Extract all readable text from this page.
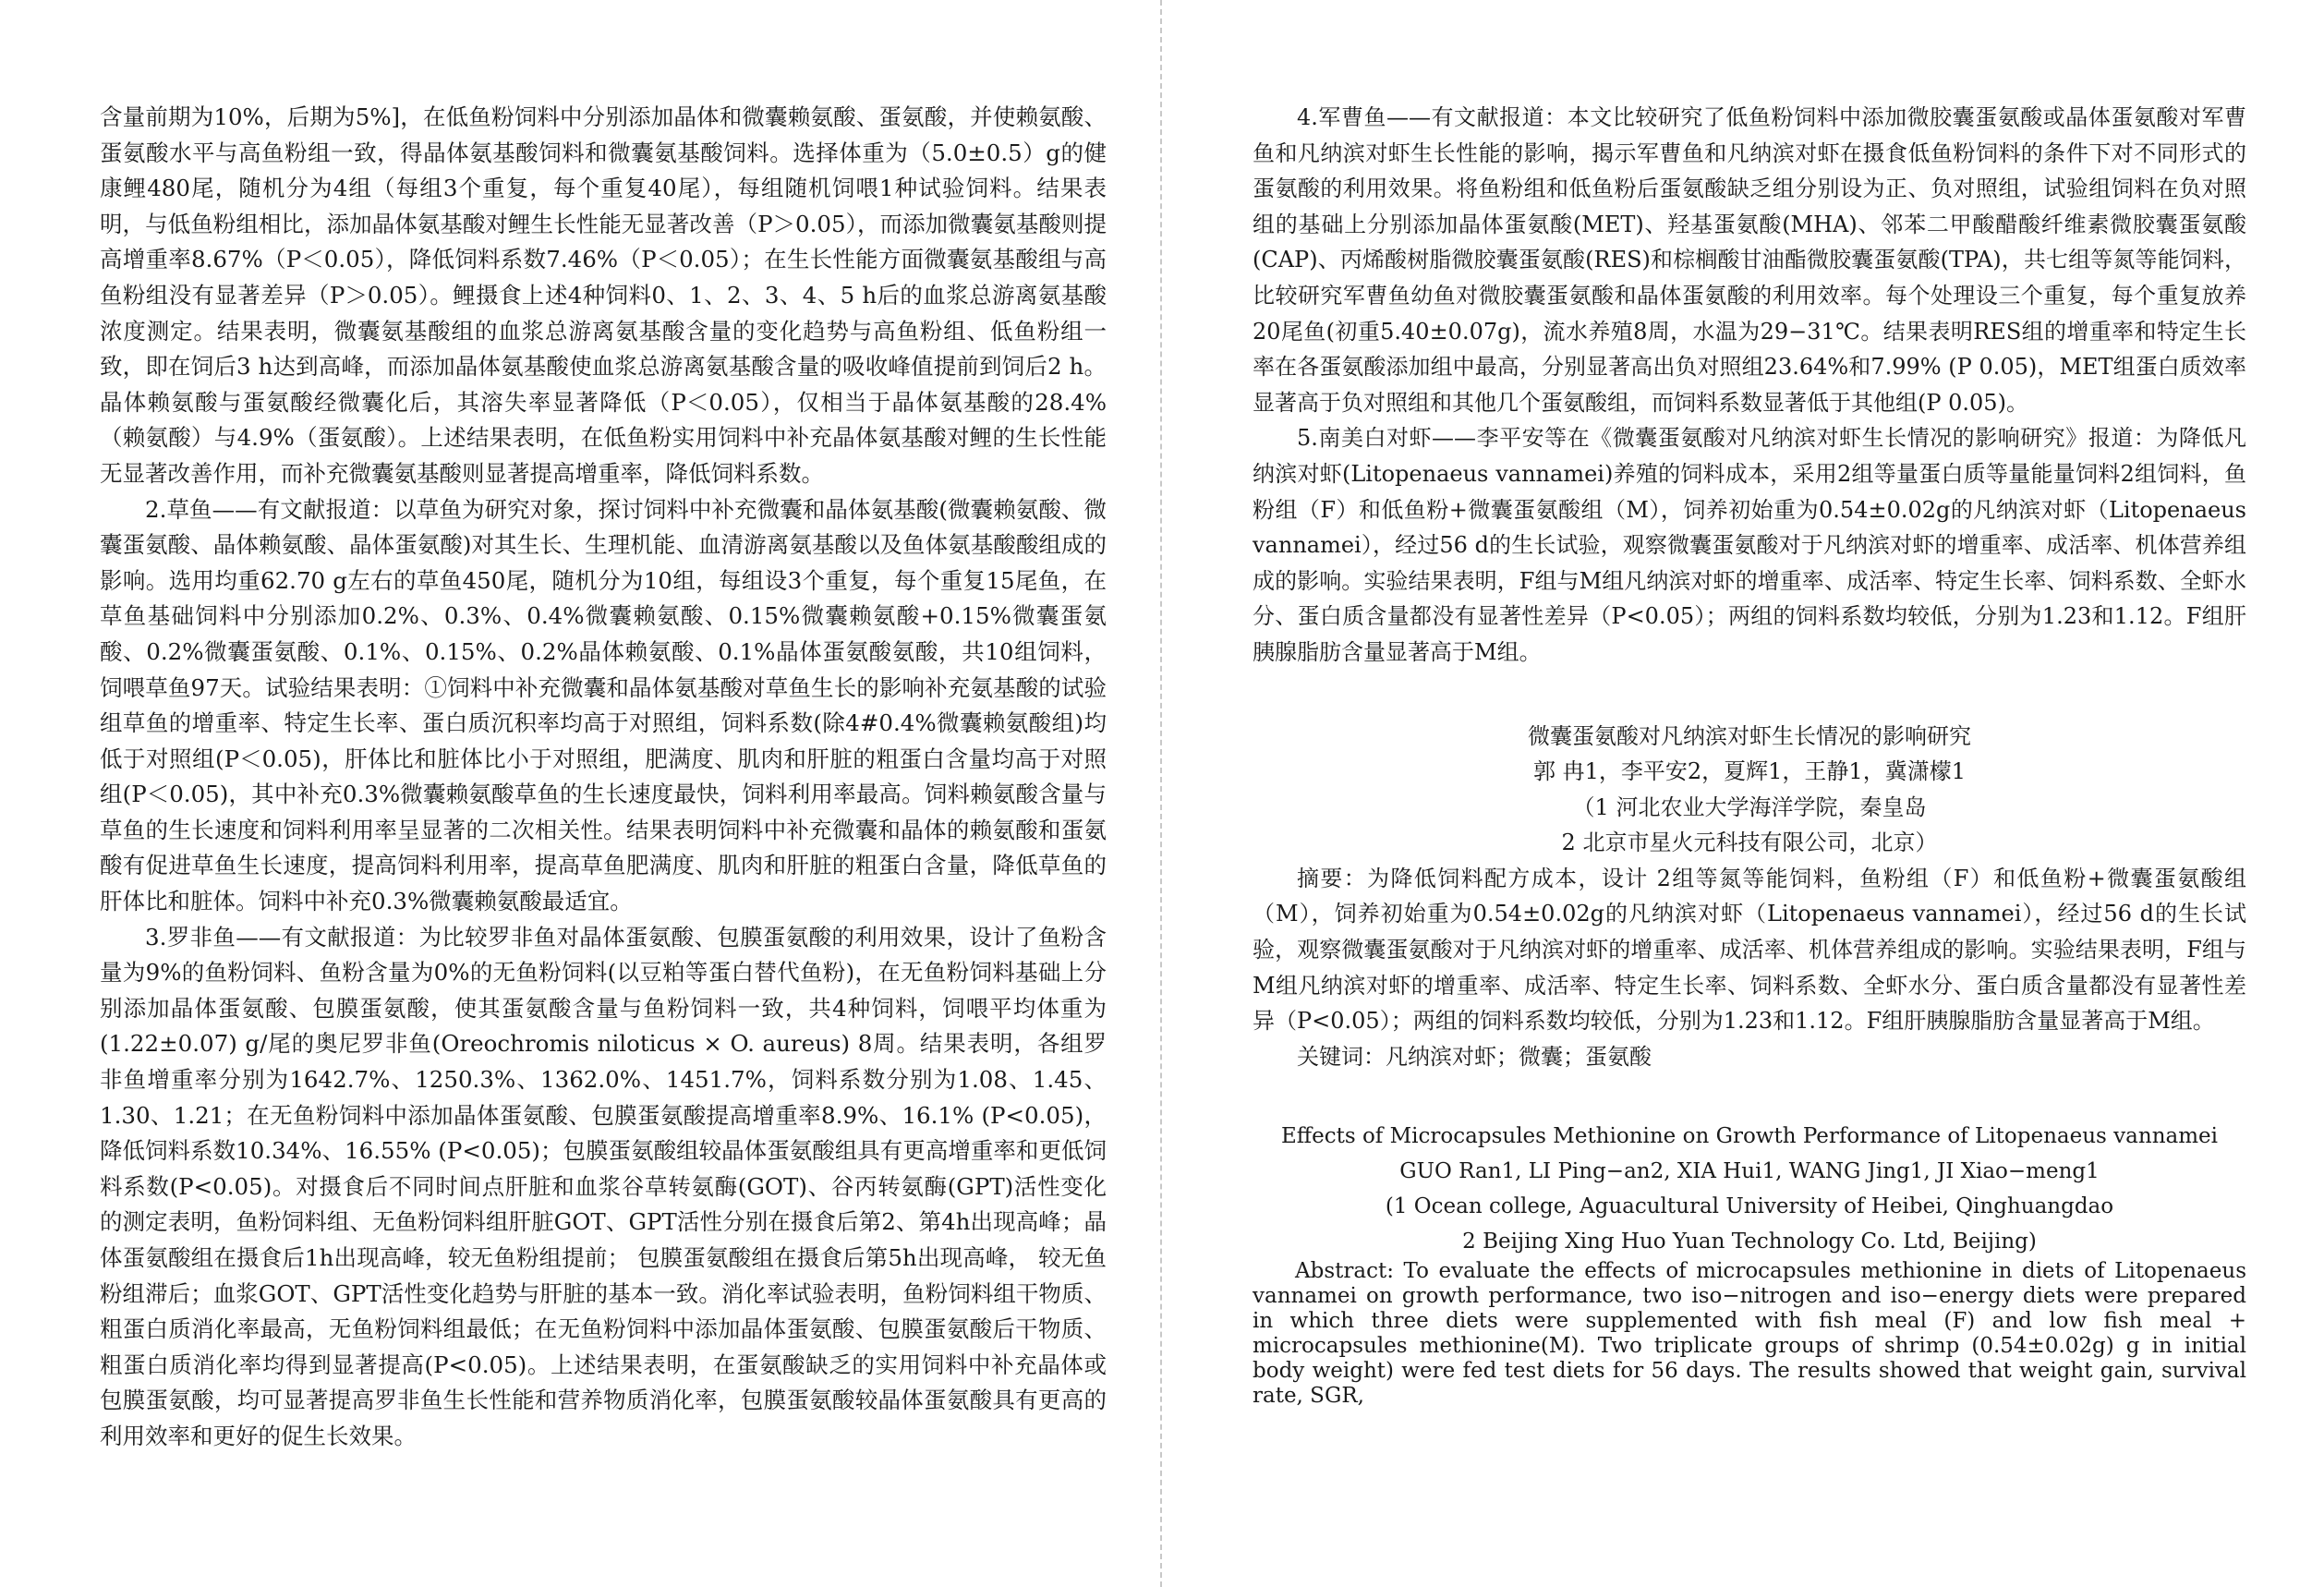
含量前期为10%，后期为5%]，在低鱼粉饲料中分别添加晶体和微囊赖氨酸、蛋氨酸，并使赖氨酸、蛋氨酸水平与高鱼粉组一致，得晶体氨基酸饲料和微囊氨基酸饲料。选择体重为（5.0±0.5）g的健康鲤480尾，随机分为4组（每组3个重复，每个重复40尾），每组随机饲喂1种试验饲料。结果表明，与低鱼粉组相比，添加晶体氨基酸对鲤生长性能无显著改善（P＞0.05），而添加微囊氨基酸则提高增重率8.67%（P＜0.05），降低饲料系数7.46%（P＜0.05）；在生长性能方面微囊氨基酸组与高鱼粉组没有显著差异（P＞0.05）。鲤摄食上述4种饲料0、1、2、3、4、5 h后的血浆总游离氨基酸浓度测定。结果表明，微囊氨基酸组的血浆总游离氨基酸含量的变化趋势与高鱼粉组、低鱼粉组一致，即在饲后3 h达到高峰，而添加晶体氨基酸使血浆总游离氨基酸含量的吸收峰值提前到饲后2 h。晶体赖氨酸与蛋氨酸经微囊化后，其溶失率显著降低（P＜0.05），仅相当于晶体氨基酸的28.4%（赖氨酸）与4.9%（蛋氨酸）。上述结果表明，在低鱼粉实用饲料中补充晶体氨基酸对鲤的生长性能无显著改善作用，而补充微囊氨基酸则显著提高增重率，降低饲料系数。

2.草鱼——有文献报道：以草鱼为研究对象，探讨饲料中补充微囊和晶体氨基酸(微囊赖氨酸、微囊蛋氨酸、晶体赖氨酸、晶体蛋氨酸)对其生长、生理机能、血清游离氨基酸以及鱼体氨基酸酸组成的影响。选用均重62.70 g左右的草鱼450尾，随机分为10组，每组设3个重复，每个重复15尾鱼，在草鱼基础饲料中分别添加0.2%、0.3%、0.4%微囊赖氨酸、0.15%微囊赖氨酸+0.15%微囊蛋氨酸、0.2%微囊蛋氨酸、0.1%、0.15%、0.2%晶体赖氨酸、0.1%晶体蛋氨酸氨酸，共10组饲料，饲喂草鱼97天。试验结果表明：①饲料中补充微囊和晶体氨基酸对草鱼生长的影响补充氨基酸的试验组草鱼的增重率、特定生长率、蛋白质沉积率均高于对照组，饲料系数(除4#0.4%微囊赖氨酸组)均低于对照组(P＜0.05)，肝体比和脏体比小于对照组，肥满度、肌肉和肝脏的粗蛋白含量均高于对照组(P＜0.05)，其中补充0.3%微囊赖氨酸草鱼的生长速度最快，饲料利用率最高。饲料赖氨酸含量与草鱼的生长速度和饲料利用率呈显著的二次相关性。结果表明饲料中补充微囊和晶体的赖氨酸和蛋氨酸有促进草鱼生长速度，提高饲料利用率，提高草鱼肥满度、肌肉和肝脏的粗蛋白含量，降低草鱼的肝体比和脏体。饲料中补充0.3%微囊赖氨酸最适宜。

3.罗非鱼——有文献报道：为比较罗非鱼对晶体蛋氨酸、包膜蛋氨酸的利用效果，设计了鱼粉含量为9%的鱼粉饲料、鱼粉含量为0%的无鱼粉饲料(以豆粕等蛋白替代鱼粉)，在无鱼粉饲料基础上分别添加晶体蛋氨酸、包膜蛋氨酸，使其蛋氨酸含量与鱼粉饲料一致，共4种饲料，饲喂平均体重为(1.22±0.07) g/尾的奥尼罗非鱼(Oreochromis niloticus × O. aureus) 8周。结果表明，各组罗非鱼增重率分别为1642.7%、1250.3%、1362.0%、1451.7%，饲料系数分别为1.08、1.45、1.30、1.21；在无鱼粉饲料中添加晶体蛋氨酸、包膜蛋氨酸提高增重率8.9%、16.1% (P<0.05)，降低饲料系数10.34%、16.55% (P<0.05)；包膜蛋氨酸组较晶体蛋氨酸组具有更高增重率和更低饲料系数(P<0.05)。对摄食后不同时间点肝脏和血浆谷草转氨酶(GOT)、谷丙转氨酶(GPT)活性变化的测定表明，鱼粉饲料组、无鱼粉饲料组肝脏GOT、GPT活性分别在摄食后第2、第4h出现高峰；晶体蛋氨酸组在摄食后1h出现高峰，较无鱼粉组提前； 包膜蛋氨酸组在摄食后第5h出现高峰， 较无鱼粉组滞后；血浆GOT、GPT活性变化趋势与肝脏的基本一致。消化率试验表明，鱼粉饲料组干物质、粗蛋白质消化率最高，无鱼粉饲料组最低；在无鱼粉饲料中添加晶体蛋氨酸、包膜蛋氨酸后干物质、粗蛋白质消化率均得到显著提高(P<0.05)。上述结果表明，在蛋氨酸缺乏的实用饲料中补充晶体或包膜蛋氨酸，均可显著提高罗非鱼生长性能和营养物质消化率，包膜蛋氨酸较晶体蛋氨酸具有更高的利用效率和更好的促生长效果。

4.军曹鱼——有文献报道：本文比较研究了低鱼粉饲料中添加微胶囊蛋氨酸或晶体蛋氨酸对军曹鱼和凡纳滨对虾生长性能的影响，揭示军曹鱼和凡纳滨对虾在摄食低鱼粉饲料的条件下对不同形式的蛋氨酸的利用效果。将鱼粉组和低鱼粉后蛋氨酸缺乏组分别设为正、负对照组，试验组饲料在负对照组的基础上分别添加晶体蛋氨酸(MET)、羟基蛋氨酸(MHA)、邻苯二甲酸醋酸纤维素微胶囊蛋氨酸(CAP)、丙烯酸树脂微胶囊蛋氨酸(RES)和棕榈酸甘油酯微胶囊蛋氨酸(TPA)，共七组等氮等能饲料，比较研究军曹鱼幼鱼对微胶囊蛋氨酸和晶体蛋氨酸的利用效率。每个处理设三个重复，每个重复放养20尾鱼(初重5.40±0.07g)，流水养殖8周，水温为29−31℃。结果表明RES组的增重率和特定生长率在各蛋氨酸添加组中最高，分别显著高出负对照组23.64%和7.99% (P 0.05)，MET组蛋白质效率显著高于负对照组和其他几个蛋氨酸组，而饲料系数显著低于其他组(P 0.05)。

5.南美白对虾——李平安等在《微囊蛋氨酸对凡纳滨对虾生长情况的影响研究》报道：为降低凡纳滨对虾(Litopenaeus vannamei)养殖的饲料成本，采用2组等量蛋白质等量能量饲料2组饲料，鱼粉组（F）和低鱼粉+微囊蛋氨酸组（M），饲养初始重为0.54±0.02g的凡纳滨对虾（Litopenaeus vannamei），经过56 d的生长试验，观察微囊蛋氨酸对于凡纳滨对虾的增重率、成活率、机体营养组成的影响。实验结果表明，F组与M组凡纳滨对虾的增重率、成活率、特定生长率、饲料系数、全虾水分、蛋白质含量都没有显著性差异（P<0.05）；两组的饲料系数均较低，分别为1.23和1.12。F组肝胰腺脂肪含量显著高于M组。

微囊蛋氨酸对凡纳滨对虾生长情况的影响研究

郭 冉1，李平安2，夏辉1，王静1，冀潇檬1

（1 河北农业大学海洋学院，秦皇岛

2 北京市星火元科技有限公司，北京）

摘要：为降低饲料配方成本，设计 2组等氮等能饲料，鱼粉组（F）和低鱼粉+微囊蛋氨酸组（M），饲养初始重为0.54±0.02g的凡纳滨对虾（Litopenaeus vannamei），经过56 d的生长试验，观察微囊蛋氨酸对于凡纳滨对虾的增重率、成活率、机体营养组成的影响。实验结果表明，F组与M组凡纳滨对虾的增重率、成活率、特定生长率、饲料系数、全虾水分、蛋白质含量都没有显著性差异（P<0.05）；两组的饲料系数均较低，分别为1.23和1.12。F组肝胰腺脂肪含量显著高于M组。

关键词：凡纳滨对虾；微囊；蛋氨酸

Effects of Microcapsules Methionine on Growth Performance of Litopenaeus vannamei

GUO Ran1, LI Ping−an2, XIA Hui1, WANG Jing1, JI Xiao−meng1

(1 Ocean college, Aguacultural University of Heibei, Qinghuangdao

2 Beijing Xing Huo Yuan Technology Co. Ltd, Beijing)

Abstract: To evaluate the effects of microcapsules methionine in diets of Litopenaeus vannamei on growth performance, two iso−nitrogen and iso−energy diets were prepared in which three diets were supplemented with fish meal (F) and low fish meal + microcapsules methionine(M). Two triplicate groups of shrimp (0.54±0.02g) g in initial body weight) were fed test diets for 56 days. The results showed that weight gain, survival rate, SGR,
